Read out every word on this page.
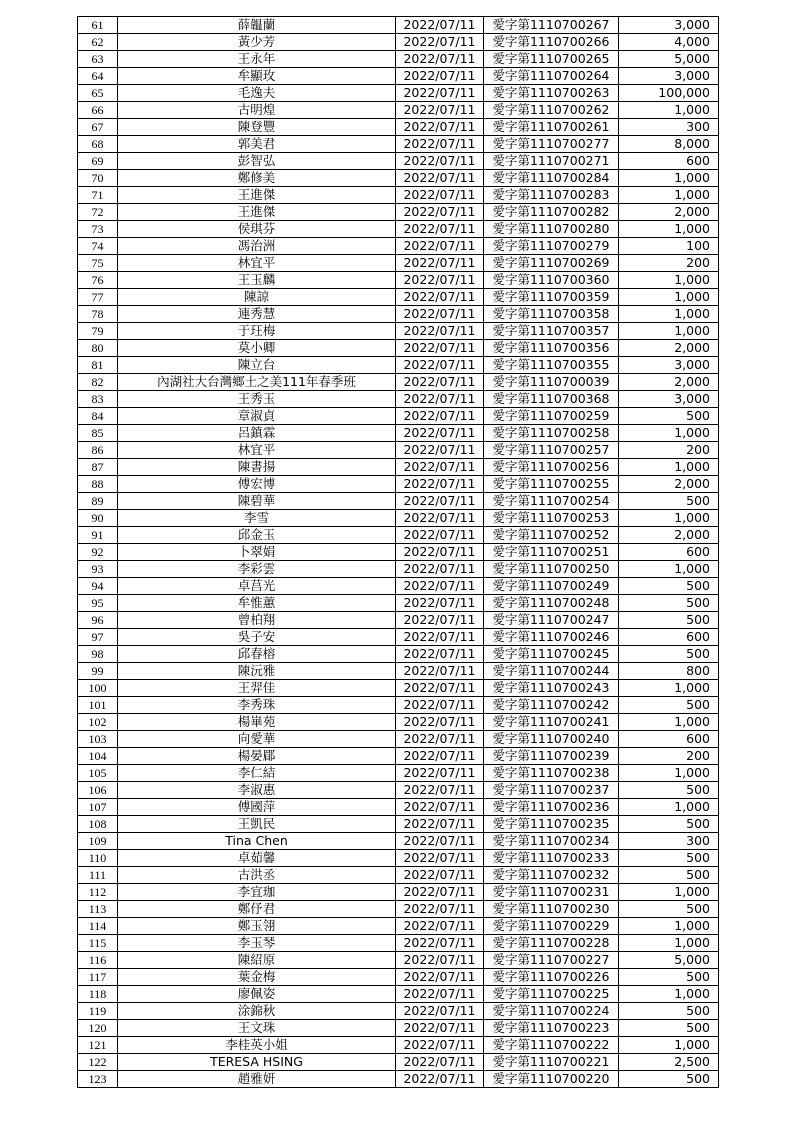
61	薛韞蘭	2022/07/11	愛字第1110700267	3,000
62	黃少芳	2022/07/11	愛字第1110700266	4,000
63	王永年	2022/07/11	愛字第1110700265	5,000
64	牟顯玫	2022/07/11	愛字第1110700264	3,000
65	毛逸夫	2022/07/11	愛字第1110700263	100,000
66	古明煌	2022/07/11	愛字第1110700262	1,000
67	陳登豐	2022/07/11	愛字第1110700261	300
68	郭美君	2022/07/11	愛字第1110700277	8,000
69	彭智弘	2022/07/11	愛字第1110700271	600
70	鄭修美	2022/07/11	愛字第1110700284	1,000
71	王進傑	2022/07/11	愛字第1110700283	1,000
72	王進傑	2022/07/11	愛字第1110700282	2,000
73	侯琪芬	2022/07/11	愛字第1110700280	1,000
74	馮治洲	2022/07/11	愛字第1110700279	100
75	林宜平	2022/07/11	愛字第1110700269	200
76	王玉麟	2022/07/11	愛字第1110700360	1,000
77	陳諒	2022/07/11	愛字第1110700359	1,000
78	連秀慧	2022/07/11	愛字第1110700358	1,000
79	于玨梅	2022/07/11	愛字第1110700357	1,000
80	莫小卿	2022/07/11	愛字第1110700356	2,000
81	陳立台	2022/07/11	愛字第1110700355	3,000
82	內湖社大台灣鄉土之美111年春季班	2022/07/11	愛字第1110700039	2,000
83	王秀玉	2022/07/11	愛字第1110700368	3,000
84	章淑貞	2022/07/11	愛字第1110700259	500
85	呂鎮霖	2022/07/11	愛字第1110700258	1,000
86	林宜平	2022/07/11	愛字第1110700257	200
87	陳書揚	2022/07/11	愛字第1110700256	1,000
88	傅宏博	2022/07/11	愛字第1110700255	2,000
89	陳碧華	2022/07/11	愛字第1110700254	500
90	李雪	2022/07/11	愛字第1110700253	1,000
91	邱金玉	2022/07/11	愛字第1110700252	2,000
92	卜翠娟	2022/07/11	愛字第1110700251	600
93	李彩雲	2022/07/11	愛字第1110700250	1,000
94	卓莒光	2022/07/11	愛字第1110700249	500
95	牟惟蕙	2022/07/11	愛字第1110700248	500
96	曾柏翔	2022/07/11	愛字第1110700247	500
97	吳子安	2022/07/11	愛字第1110700246	600
98	邱春榕	2022/07/11	愛字第1110700245	500
99	陳沅雅	2022/07/11	愛字第1110700244	800
100	王羿佳	2022/07/11	愛字第1110700243	1,000
101	李秀珠	2022/07/11	愛字第1110700242	500
102	楊崋苑	2022/07/11	愛字第1110700241	1,000
103	向愛華	2022/07/11	愛字第1110700240	600
104	楊晏郿	2022/07/11	愛字第1110700239	200
105	李仁結	2022/07/11	愛字第1110700238	1,000
106	李淑惠	2022/07/11	愛字第1110700237	500
107	傅國萍	2022/07/11	愛字第1110700236	1,000
108	王凱民	2022/07/11	愛字第1110700235	500
109	Tina Chen	2022/07/11	愛字第1110700234	300
110	卓茹馨	2022/07/11	愛字第1110700233	500
111	古洪丞	2022/07/11	愛字第1110700232	500
112	李宜珈	2022/07/11	愛字第1110700231	1,000
113	鄭伃君	2022/07/11	愛字第1110700230	500
114	鄭玉翎	2022/07/11	愛字第1110700229	1,000
115	李玉琴	2022/07/11	愛字第1110700228	1,000
116	陳紹原	2022/07/11	愛字第1110700227	5,000
117	葉金梅	2022/07/11	愛字第1110700226	500
118	廖佩姿	2022/07/11	愛字第1110700225	1,000
119	涂錦秋	2022/07/11	愛字第1110700224	500
120	王文珠	2022/07/11	愛字第1110700223	500
121	李桂英小姐	2022/07/11	愛字第1110700222	1,000
122	TERESA HSING	2022/07/11	愛字第1110700221	2,500
123	趙雅妍	2022/07/11	愛字第1110700220	500
